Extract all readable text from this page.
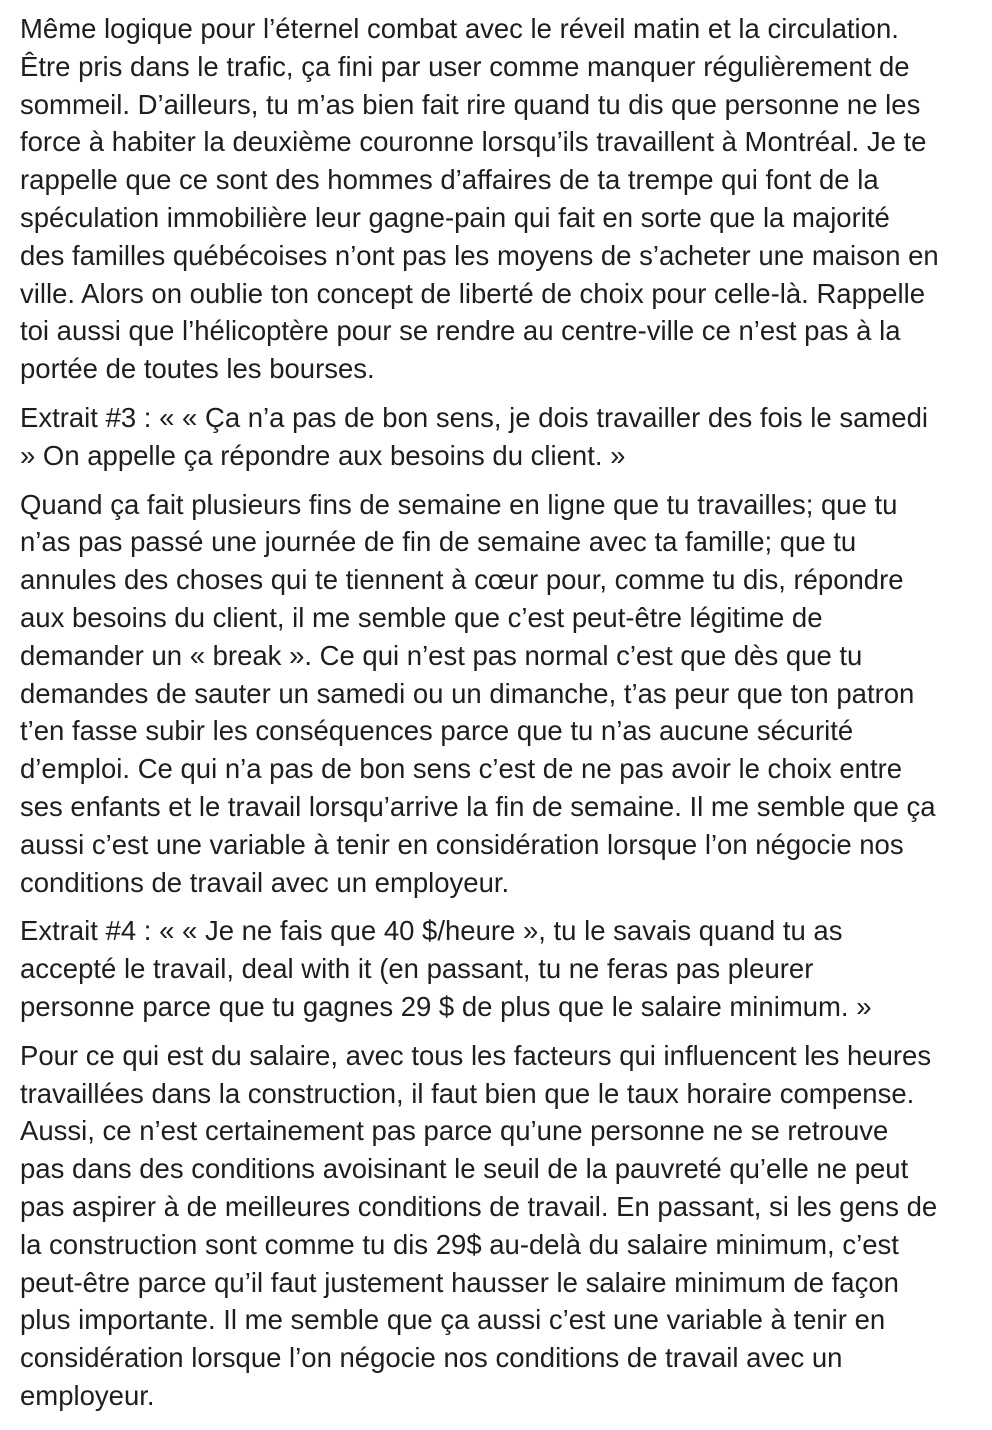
Même logique pour l’éternel combat avec le réveil matin et la circulation.
Être pris dans le trafic, ça fini par user comme manquer régulièrement de
sommeil. D’ailleurs, tu m’as bien fait rire quand tu dis que personne ne les
force à habiter la deuxième couronne lorsqu’ils travaillent à Montréal. Je te
rappelle que ce sont des hommes d’affaires de ta trempe qui font de la
spéculation immobilière leur gagne-pain qui fait en sorte que la majorité
des familles québécoises n’ont pas les moyens de s’acheter une maison en
ville. Alors on oublie ton concept de liberté de choix pour celle-là. Rappelle
toi aussi que l’hélicoptère pour se rendre au centre-ville ce n’est pas à la
portée de toutes les bourses.

Extrait #3 : « « Ça n’a pas de bon sens, je dois travailler des fois le samedi
» On appelle ça répondre aux besoins du client. »

Quand ça fait plusieurs fins de semaine en ligne que tu travailles; que tu
n’as pas passé une journée de fin de semaine avec ta famille; que tu
annules des choses qui te tiennent à cœur pour, comme tu dis, répondre
aux besoins du client, il me semble que c’est peut-être légitime de
demander un « break ». Ce qui n’est pas normal c’est que dès que tu
demandes de sauter un samedi ou un dimanche, t’as peur que ton patron
t’en fasse subir les conséquences parce que tu n’as aucune sécurité
d’emploi. Ce qui n’a pas de bon sens c’est de ne pas avoir le choix entre
ses enfants et le travail lorsqu’arrive la fin de semaine. Il me semble que ça
aussi c’est une variable à tenir en considération lorsque l’on négocie nos
conditions de travail avec un employeur.

Extrait #4 : « « Je ne fais que 40 $/heure », tu le savais quand tu as
accepté le travail, deal with it (en passant, tu ne feras pas pleurer
personne parce que tu gagnes 29 $ de plus que le salaire minimum. »

Pour ce qui est du salaire, avec tous les facteurs qui influencent les heures
travaillées dans la construction, il faut bien que le taux horaire compense.
Aussi, ce n’est certainement pas parce qu’une personne ne se retrouve
pas dans des conditions avoisinant le seuil de la pauvreté qu’elle ne peut
pas aspirer à de meilleures conditions de travail. En passant, si les gens de
la construction sont comme tu dis 29$ au-delà du salaire minimum, c’est
peut-être parce qu’il faut justement hausser le salaire minimum de façon
plus importante. Il me semble que ça aussi c’est une variable à tenir en
considération lorsque l’on négocie nos conditions de travail avec un
employeur.
